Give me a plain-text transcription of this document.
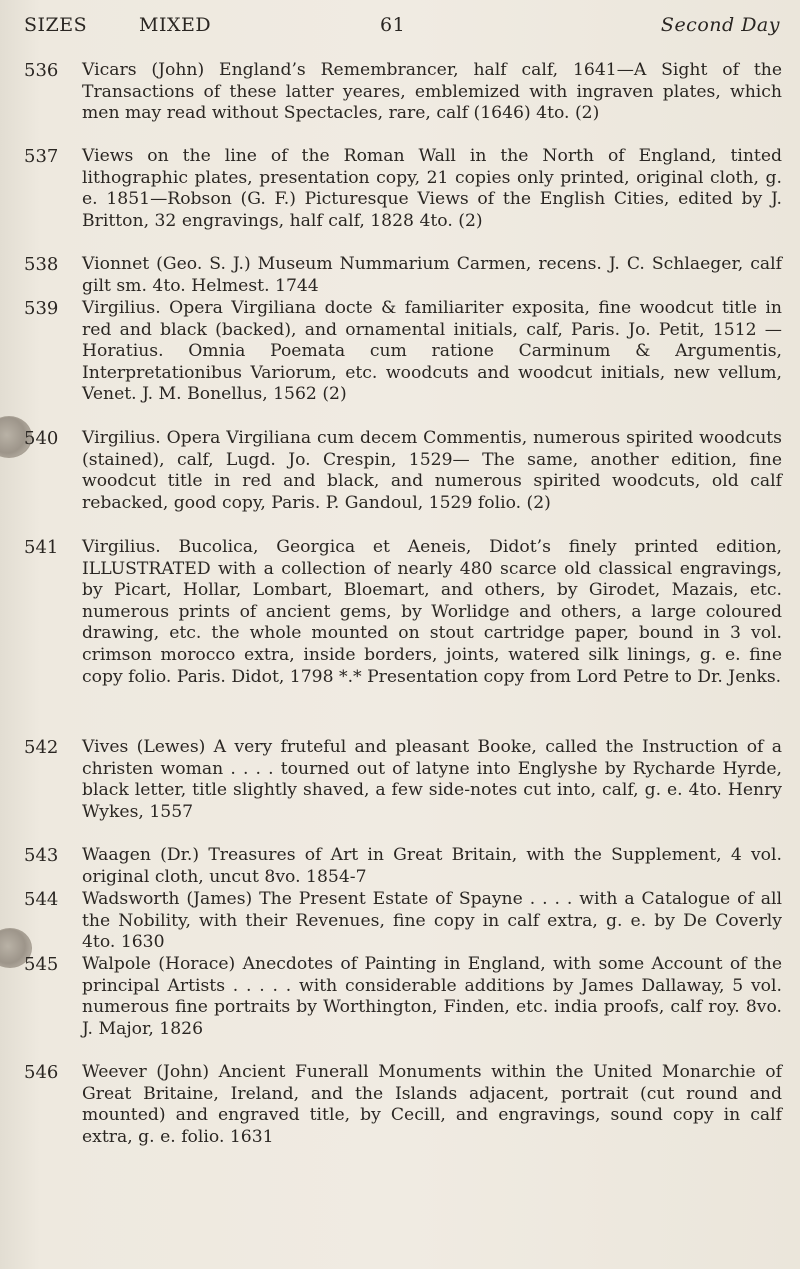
SIZES	MIXED	61	Second Day
536	Vicars (John) England’s Remembrancer, half calf, 1641—A Sight of the Transactions of these latter yeares, emblemized with ingraven plates, which men may read without Spectacles, rare, calf (1646) 4to. (2)
537	Views on the line of the Roman Wall in the North of England, tinted lithographic plates, presentation copy, 21 copies only printed, original cloth, g. e. 1851—Robson (G. F.) Picturesque Views of the English Cities, edited by J. Britton, 32 engravings, half calf, 1828 4to. (2)
538	Vionnet (Geo. S. J.) Museum Nummarium Carmen, recens. J. C. Schlaeger, calf gilt sm. 4to. Helmest. 1744
539	Virgilius. Opera Virgiliana docte & familiariter exposita, fine woodcut title in red and black (backed), and ornamental initials, calf, Paris. Jo. Petit, 1512 — Horatius. Omnia Poemata cum ratione Carminum & Argumentis, Interpretationibus Variorum, etc. woodcuts and woodcut initials, new vellum, Venet. J. M. Bonellus, 1562 (2)
540	Virgilius. Opera Virgiliana cum decem Commentis, numerous spirited woodcuts (stained), calf, Lugd. Jo. Crespin, 1529— The same, another edition, fine woodcut title in red and black, and numerous spirited woodcuts, old calf rebacked, good copy, Paris. P. Gandoul, 1529 folio. (2)
541	Virgilius. Bucolica, Georgica et Aeneis, Didot’s finely printed edition, ILLUSTRATED with a collection of nearly 480 scarce old classical engravings, by Picart, Hollar, Lombart, Bloemart, and others, by Girodet, Mazais, etc. numerous prints of ancient gems, by Worlidge and others, a large coloured drawing, etc. the whole mounted on stout cartridge paper, bound in 3 vol. crimson morocco extra, inside borders, joints, watered silk linings, g. e. fine copy folio. Paris. Didot, 1798 *.* Presentation copy from Lord Petre to Dr. Jenks.
542	Vives (Lewes) A very fruteful and pleasant Booke, called the Instruction of a christen woman . . . . tourned out of latyne into Englyshe by Rycharde Hyrde, black letter, title slightly shaved, a few side-notes cut into, calf, g. e. 4to. Henry Wykes, 1557
543	Waagen (Dr.) Treasures of Art in Great Britain, with the Supplement, 4 vol. original cloth, uncut 8vo. 1854-7
544	Wadsworth (James) The Present Estate of Spayne . . . . with a Catalogue of all the Nobility, with their Revenues, fine copy in calf extra, g. e. by De Coverly 4to. 1630
545	Walpole (Horace) Anecdotes of Painting in England, with some Account of the principal Artists . . . . . with considerable additions by James Dallaway, 5 vol. numerous fine portraits by Worthington, Finden, etc. india proofs, calf roy. 8vo. J. Major, 1826
546	Weever (John) Ancient Funerall Monuments within the United Monarchie of Great Britaine, Ireland, and the Islands adjacent, portrait (cut round and mounted) and engraved title, by Cecill, and engravings, sound copy in calf extra, g. e. folio. 1631
